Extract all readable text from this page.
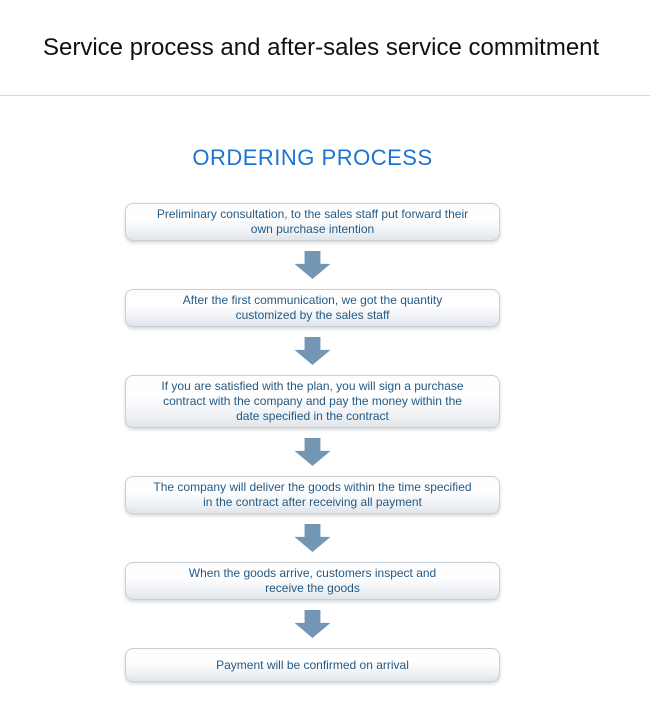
Service process and after-sales service commitment
ORDERING PROCESS
Preliminary consultation, to the sales staff put forward their
own purchase intention
After the first communication, we got the quantity
customized by the sales staff
If you are satisfied with the plan, you will sign a purchase
contract with the company and pay the money within the
date specified in the contract
The company will deliver the goods within the time specified
in the contract after receiving all payment
When the goods arrive, customers inspect and
receive the goods
Payment will be confirmed on arrival
